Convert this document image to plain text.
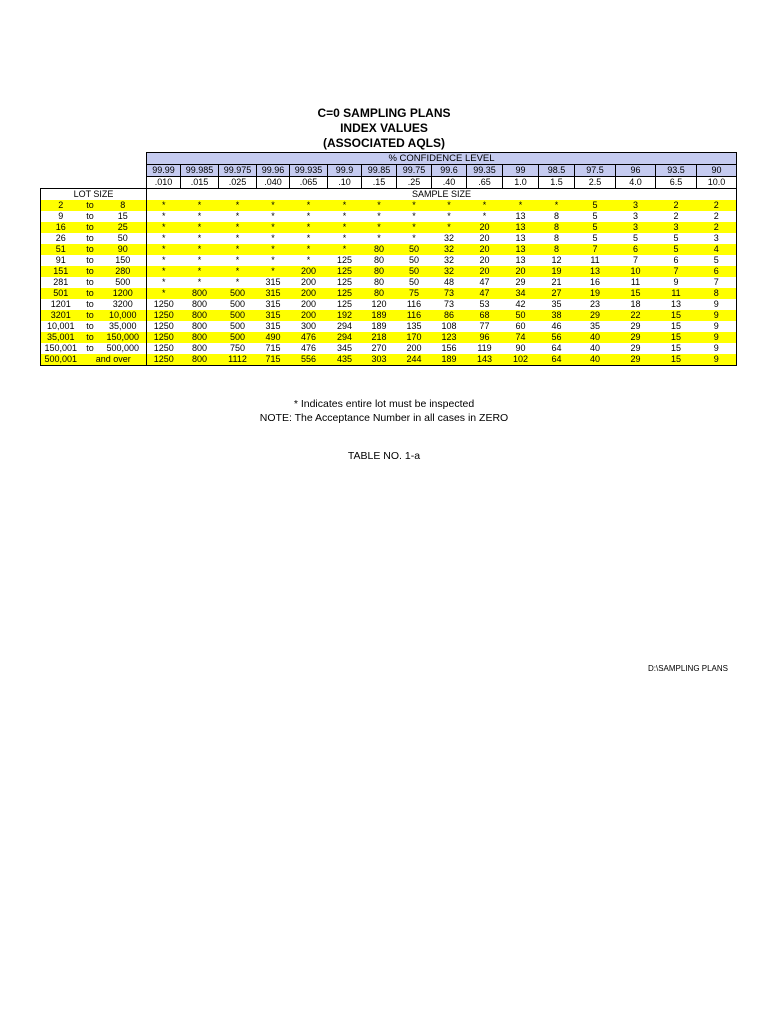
C=0 SAMPLING PLANS
INDEX VALUES
(ASSOCIATED AQLS)
			% CONFIDENCE LEVEL															
			99.99	99.985	99.975	99.96	99.935	99.9	99.85	99.75	99.6	99.35	99	98.5	97.5	96	93.5	90
			.010	.015	.025	.040	.065	.10	.15	.25	.40	.65	1.0	1.5	2.5	4.0	6.5	10.0
LOT SIZE			SAMPLE SIZE															
2	to	8	*	*	*	*	*	*	*	*	*	*	*	*	5	3	2	2
9	to	15	*	*	*	*	*	*	*	*	*	*	13	8	5	3	2	2
16	to	25	*	*	*	*	*	*	*	*	*	20	13	8	5	3	3	2
26	to	50	*	*	*	*	*	*	*	*	32	20	13	8	5	5	5	3
51	to	90	*	*	*	*	*	*	80	50	32	20	13	8	7	6	5	4
91	to	150	*	*	*	*	*	125	80	50	32	20	13	12	11	7	6	5
151	to	280	*	*	*	*	200	125	80	50	32	20	20	19	13	10	7	6
281	to	500	*	*	*	315	200	125	80	50	48	47	29	21	16	11	9	7
501	to	1200	*	800	500	315	200	125	80	75	73	47	34	27	19	15	11	8
1201	to	3200	1250	800	500	315	200	125	120	116	73	53	42	35	23	18	13	9
3201	to	10,000	1250	800	500	315	200	192	189	116	86	68	50	38	29	22	15	9
10,001	to	35,000	1250	800	500	315	300	294	189	135	108	77	60	46	35	29	15	9
35,001	to	150,000	1250	800	500	490	476	294	218	170	123	96	74	56	40	29	15	9
150,001	to	500,000	1250	800	750	715	476	345	270	200	156	119	90	64	40	29	15	9
500,001	and over		1250	800	1112	715	556	435	303	244	189	143	102	64	40	29	15	9
* Indicates entire lot must be inspected
NOTE: The Acceptance Number in all cases in ZERO
TABLE NO. 1-a
D:\SAMPLING PLANS
